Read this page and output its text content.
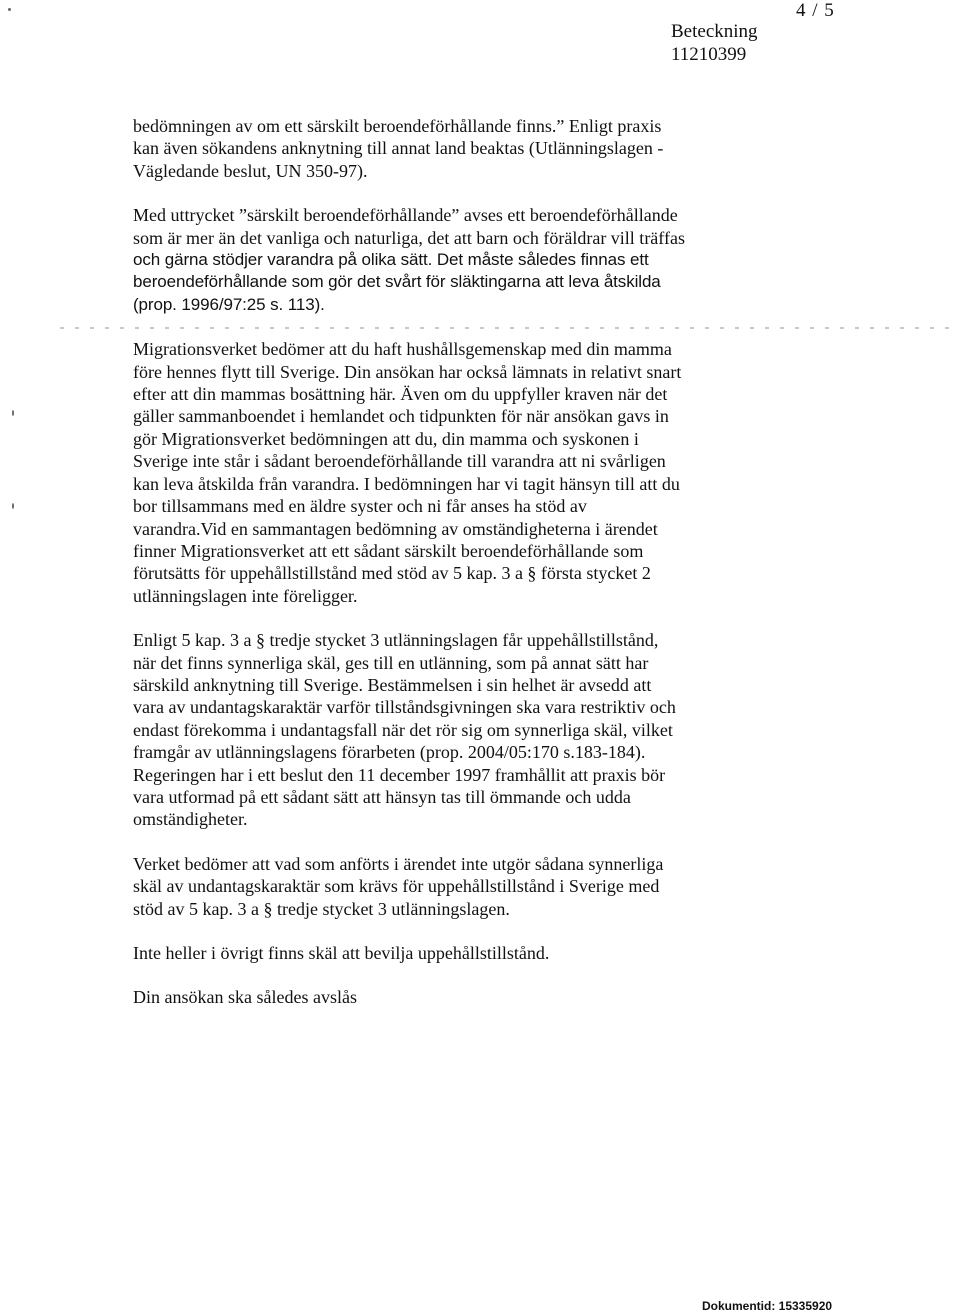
4 / 5
Beteckning
11210399
bedömningen av om ett särskilt beroendeförhållande finns.” Enligt praxis
kan även sökandens anknytning till annat land beaktas (Utlänningslagen -
Vägledande beslut, UN 350-97).
Med uttrycket ”särskilt beroendeförhållande” avses ett beroendeförhållande
som är mer än det vanliga och naturliga, det att barn och föräldrar vill träffas
och gärna stödjer varandra på olika sätt. Det måste således finnas ett
beroendeförhållande som gör det svårt för släktingarna att leva åtskilda
(prop. 1996/97:25 s. 113).
Migrationsverket bedömer att du haft hushållsgemenskap med din mamma
före hennes flytt till Sverige. Din ansökan har också lämnats in relativt snart
efter att din mammas bosättning här. Även om du uppfyller kraven när det
gäller sammanboendet i hemlandet och tidpunkten för när ansökan gavs in
gör Migrationsverket bedömningen att du, din mamma och syskonen i
Sverige inte står i sådant beroendeförhållande till varandra att ni svårligen
kan leva åtskilda från varandra. I bedömningen har vi tagit hänsyn till att du
bor tillsammans med en äldre syster och ni får anses ha stöd av
varandra.Vid en sammantagen bedömning av omständigheterna i ärendet
finner Migrationsverket att ett sådant särskilt beroendeförhållande som
förutsätts för uppehållstillstånd med stöd av 5 kap. 3 a § första stycket 2
utlänningslagen inte föreligger.
Enligt 5 kap. 3 a § tredje stycket 3 utlänningslagen får uppehållstillstånd,
när det finns synnerliga skäl, ges till en utlänning, som på annat sätt har
särskild anknytning till Sverige. Bestämmelsen i sin helhet är avsedd att
vara av undantagskaraktär varför tillståndsgivningen ska vara restriktiv och
endast förekomma i undantagsfall när det rör sig om synnerliga skäl, vilket
framgår av utlänningslagens förarbeten (prop. 2004/05:170 s.183-184).
Regeringen har i ett beslut den 11 december 1997 framhållit att praxis bör
vara utformad på ett sådant sätt att hänsyn tas till ömmande och udda
omständigheter.
Verket bedömer att vad som anförts i ärendet inte utgör sådana synnerliga
skäl av undantagskaraktär som krävs för uppehållstillstånd i Sverige med
stöd av 5 kap. 3 a § tredje stycket 3 utlänningslagen.
Inte heller i övrigt finns skäl att bevilja uppehållstillstånd.
Din ansökan ska således avslås
Dokumentid: 15335920
